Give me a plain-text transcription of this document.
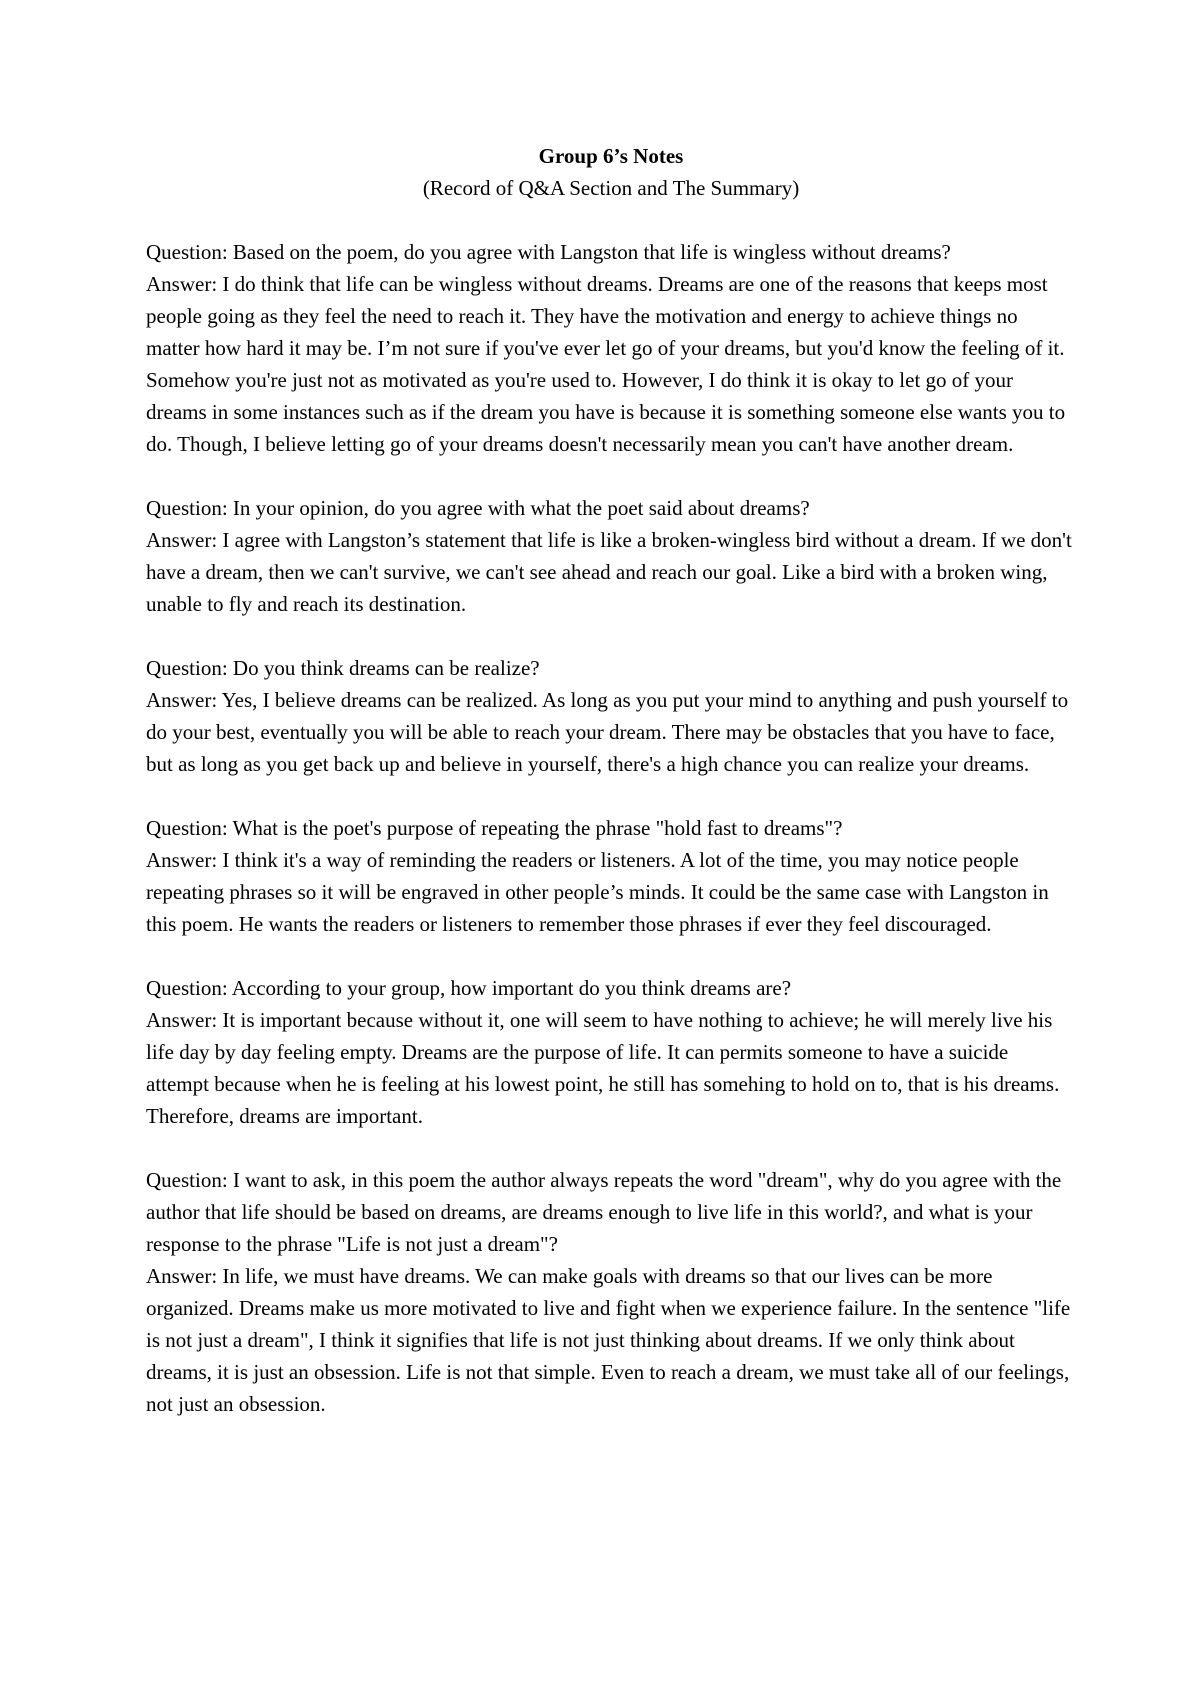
Group 6’s Notes

(Record of Q&A Section and The Summary)

Question: Based on the poem, do you agree with Langston that life is wingless without dreams?

Answer: I do think that life can be wingless without dreams. Dreams are one of the reasons that keeps most people going as they feel the need to reach it. They have the motivation and energy to achieve things no matter how hard it may be. I’m not sure if you've ever let go of your dreams, but you'd know the feeling of it. Somehow you're just not as motivated as you're used to. However, I do think it is okay to let go of your dreams in some instances such as if the dream you have is because it is something someone else wants you to do. Though, I believe letting go of your dreams doesn't necessarily mean you can't have another dream.

Question: In your opinion, do you agree with what the poet said about dreams?

Answer: I agree with Langston’s statement that life is like a broken-wingless bird without a dream. If we don't have a dream, then we can't survive, we can't see ahead and reach our goal. Like a bird with a broken wing, unable to fly and reach its destination.

Question: Do you think dreams can be realize?

Answer: Yes, I believe dreams can be realized. As long as you put your mind to anything and push yourself to do your best, eventually you will be able to reach your dream. There may be obstacles that you have to face, but as long as you get back up and believe in yourself, there's a high chance you can realize your dreams.

Question: What is the poet's purpose of repeating the phrase "hold fast to dreams"?

Answer: I think it's a way of reminding the readers or listeners. A lot of the time, you may notice people repeating phrases so it will be engraved in other people’s minds. It could be the same case with Langston in this poem. He wants the readers or listeners to remember those phrases if ever they feel discouraged.

Question: According to your group, how important do you think dreams are?

Answer: It is important because without it, one will seem to have nothing to achieve; he will merely live his life day by day feeling empty. Dreams are the purpose of life. It can permits someone to have a suicide attempt because when he is feeling at his lowest point, he still has somehing to hold on to, that is his dreams. Therefore, dreams are important.

Question: I want to ask, in this poem the author always repeats the word "dream", why do you agree with the author that life should be based on dreams, are dreams enough to live life in this world?, and what is your response to the phrase "Life is not just a dream"?

Answer: In life, we must have dreams. We can make goals with dreams so that our lives can be more organized. Dreams make us more motivated to live and fight when we experience failure. In the sentence "life is not just a dream", I think it signifies that life is not just thinking about dreams. If we only think about dreams, it is just an obsession. Life is not that simple. Even to reach a dream, we must take all of our feelings, not just an obsession.
